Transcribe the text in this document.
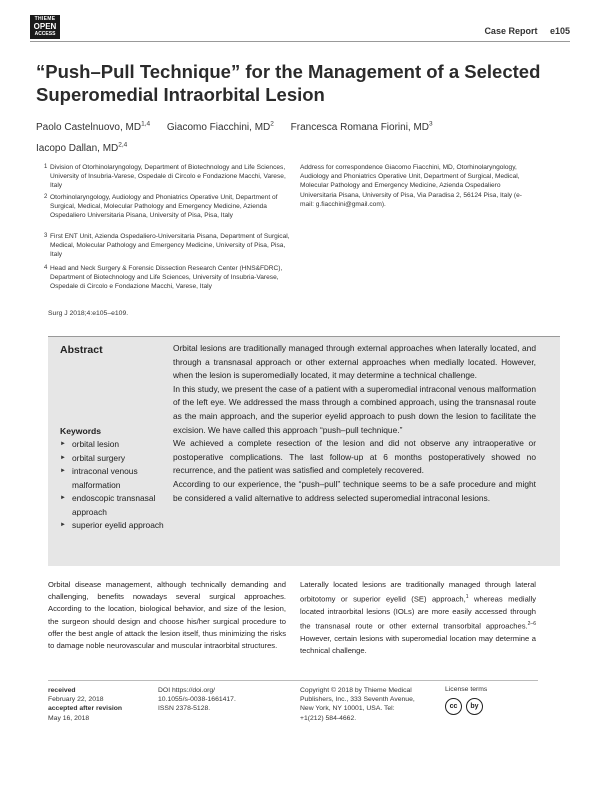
THIEME
OPEN
ACCESS	Case Report e105
“Push–Pull Technique” for the Management of a Selected Superomedial Intraorbital Lesion
Paolo Castelnuovo, MD$^{1,4}$ Giacomo Fiacchini, $MD^2$ Francesca Romana Fiorini, $MD^3$
Iacopo Dallan, MD$^{2,4}$
1 Division of Otorhinolaryngology, Department of Biotechnology and Life Sciences, University of Insubria-Varese, Ospedale di Circolo e Fondazione Macchi, Varese, Italy
2 Otorhinolaryngology, Audiology and Phoniatrics Operative Unit, Department of Surgical, Medical, Molecular Pathology and Emergency Medicine, Azienda Ospedaliero Universitaria Pisana, University of Pisa, Pisa, Italy
3 First ENT Unit, Azienda Ospedaliero-Universitaria Pisana, Department of Surgical, Medical, Molecular Pathology and Emergency Medicine, University of Pisa, Pisa, Italy
4 Head and Neck Surgery & Forensic Dissection Research Center (HNS&FDRC), Department of Biotechnology and Life Sciences, University of Insubria-Varese, Ospedale di Circolo e Fondazione Macchi, Varese, Italy
Address for correspondence Giacomo Fiacchini, MD, Otorhinolaryngology, Audiology and Phoniatrics Operative Unit, Department of Surgical, Medical, Molecular Pathology and Emergency Medicine, Azienda Ospedaliero Universitaria Pisana, University of Pisa, Via Paradisa 2, 56124 Pisa, Italy (e-mail: g.fiacchini@gmail.com).
Surg J 2018;4:e105–e109.
Abstract	Orbital lesions are traditionally managed through external approaches when laterally located, and through a transnasal approach or other external approaches when medially located. However, when the lesion is superomedially located, it may determine a technical challenge.

In this study, we present the case of a patient with a superomedial intraconal venous malformation of the left eye. We addressed the mass through a combined approach, using the transnasal route as the main approach, and the superior eyelid approach to push down the lesion to facilitate the excision. We have called this approach “push–pull technique.”

We achieved a complete resection of the lesion and did not observe any intraoperative or postoperative complications. The last follow-up at 6 months postoperatively showed no recurrence, and the patient was satisfied and completely recovered.

According to our experience, the “push–pull” technique seems to be a safe procedure and might be considered a valid alternative to address selected superomedial intraconal lesions.

Keywords
► orbital lesion
► orbital surgery
► intraconal venous malformation
► endoscopic transnasal approach
► superior eyelid approach
Orbital disease management, although technically demanding and challenging, benefits nowadays several surgical approaches. According to the location, biological behavior, and size of the lesion, the surgeon should design and choose his/her surgical procedure to offer the best angle of attack the lesion itself, thus minimizing the risks to damage noble neurovascular and muscular intraorbital structures.
Laterally located lesions are traditionally managed through lateral orbitotomy or superior eyelid (SE) approach,$^1$ whereas medially located intraorbital lesions (IOLs) are more easily accessed through the transnasal route or other external transorbital approaches.$^{2-6}$ However, certain lesions with superomedial location may determine a technical challenge.
received
February 22, 2018
accepted after revision
May 16, 2018
DOI https://doi.org/
10.1055/s-0038-1661417.
ISSN 2378-5128.
Copyright © 2018 by Thieme Medical Publishers, Inc., 333 Seventh Avenue, New York, NY 10001, USA. Tel: +1(212) 584-4662.
License terms
cc by
